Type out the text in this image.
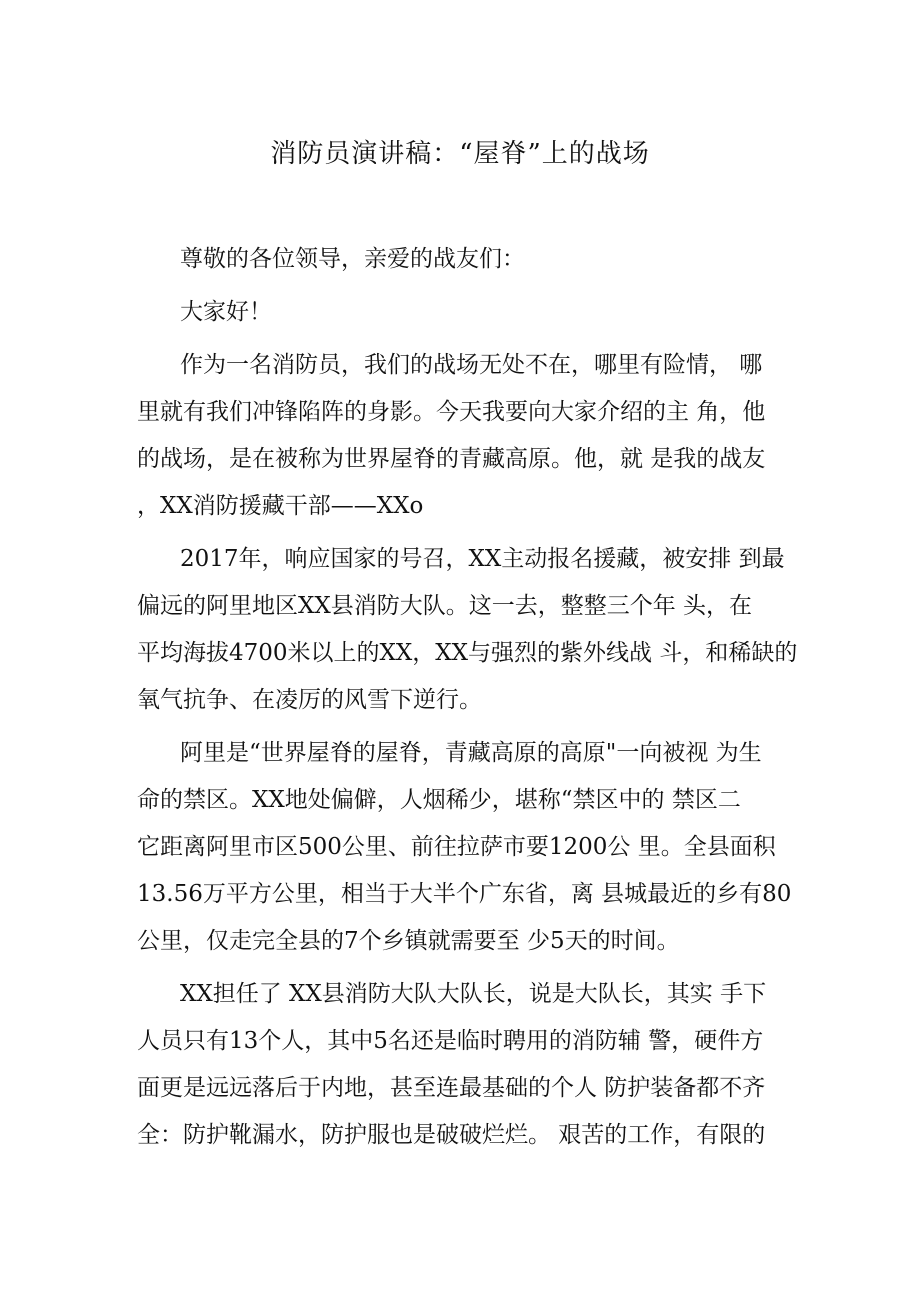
消防员演讲稿：“屋脊”上的战场
尊敬的各位领导，亲爱的战友们：
大家好！
作为一名消防员，我们的战场无处不在，哪里有险情， 哪
里就有我们冲锋陷阵的身影。今天我要向大家介绍的主 角，他
的战场，是在被称为世界屋脊的青藏高原。他，就 是我的战友
，XX消防援藏干部——XXo
2017年，响应国家的号召，XX主动报名援藏，被安排 到最
偏远的阿里地区XX县消防大队。这一去，整整三个年 头，在
平均海拔4700米以上的XX，XX与强烈的紫外线战 斗，和稀缺的
氧气抗争、在凌厉的风雪下逆行。
阿里是“世界屋脊的屋脊，青藏高原的高原"一向被视 为生
命的禁区。XX地处偏僻，人烟稀少，堪称“禁区中的 禁区二
它距离阿里市区500公里、前往拉萨市要1200公 里。全县面积
13.56万平方公里，相当于大半个广东省，离 县城最近的乡有80
公里，仅走完全县的7个乡镇就需要至 少5天的时间。
XX担任了 XX县消防大队大队长，说是大队长，其实 手下
人员只有13个人，其中5名还是临时聘用的消防辅 警，硬件方
面更是远远落后于内地，甚至连最基础的个人 防护装备都不齐
全：防护靴漏水，防护服也是破破烂烂。 艰苦的工作，有限的
